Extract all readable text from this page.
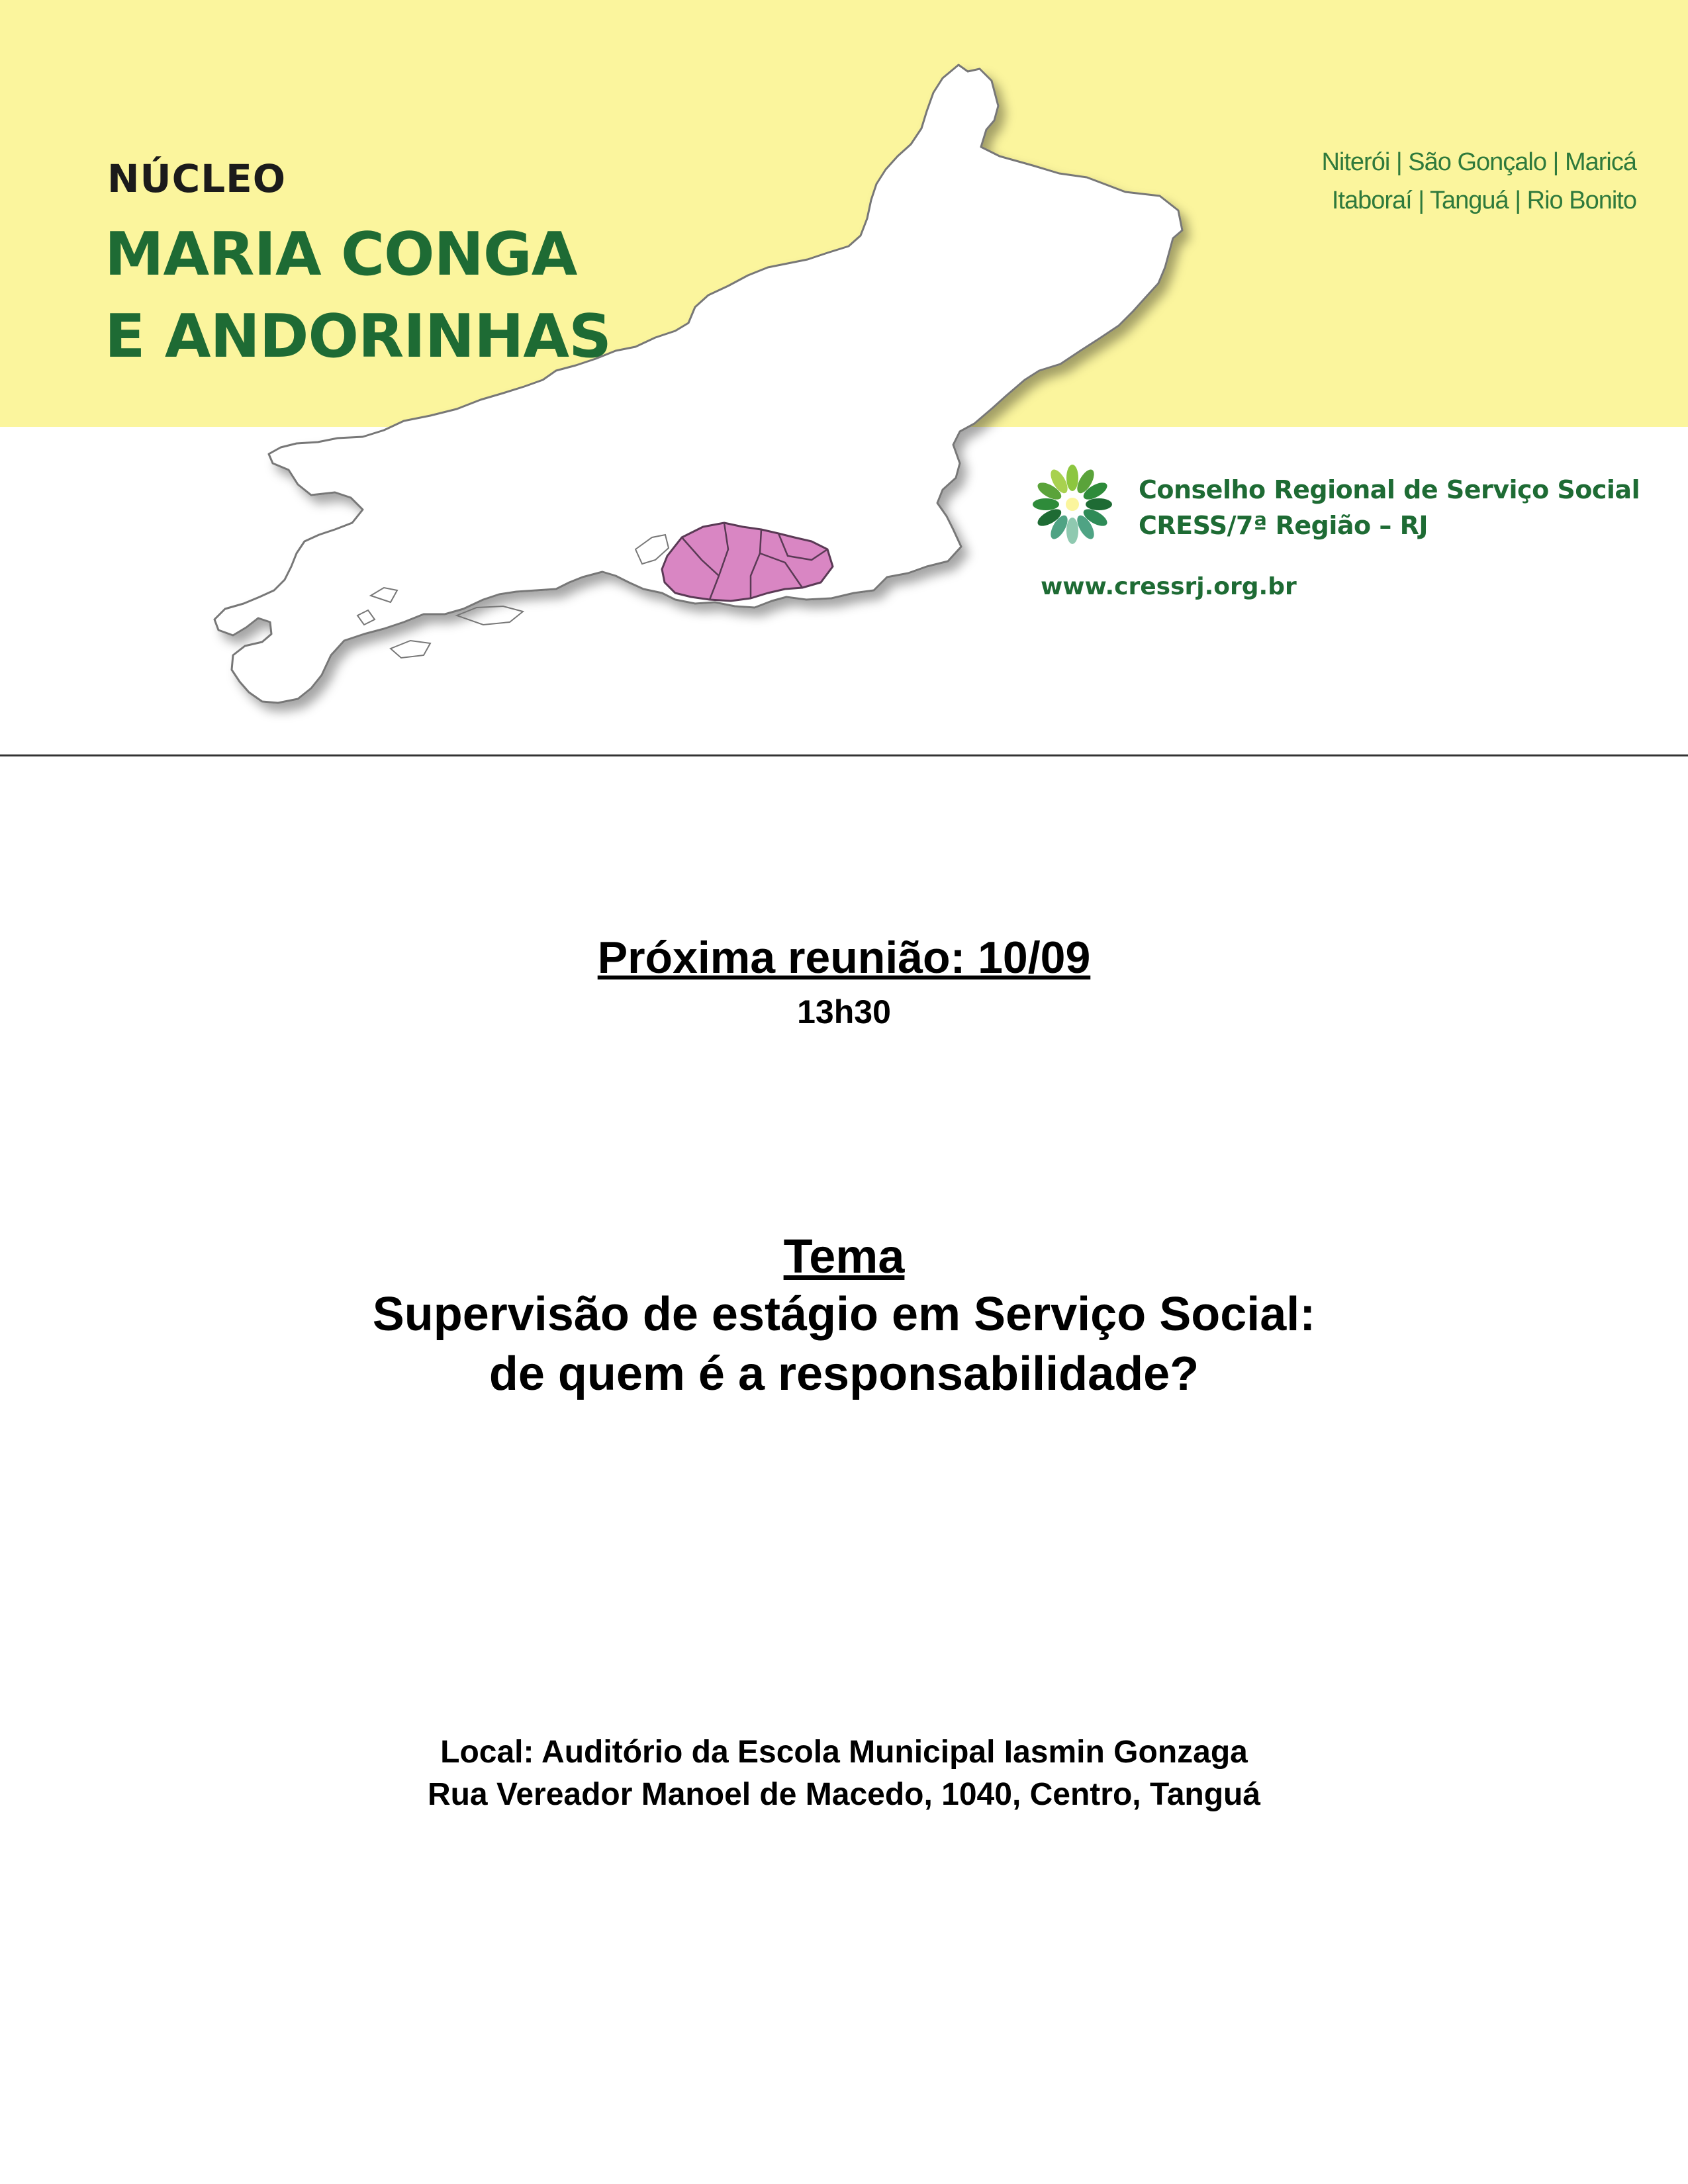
NÚCLEO
MARIA CONGA
E ANDORINHAS
Niterói | São Gonçalo | Maricá
Itaboraí | Tanguá | Rio Bonito
Conselho Regional de Serviço Social
CRESS/7ª Região – RJ
www.cressrj.org.br
Próxima reunião: 10/09
13h30
Tema
Supervisão de estágio em Serviço Social:
de quem é a responsabilidade?
Local: Auditório da Escola Municipal Iasmin Gonzaga
Rua Vereador Manoel de Macedo, 1040, Centro, Tanguá
